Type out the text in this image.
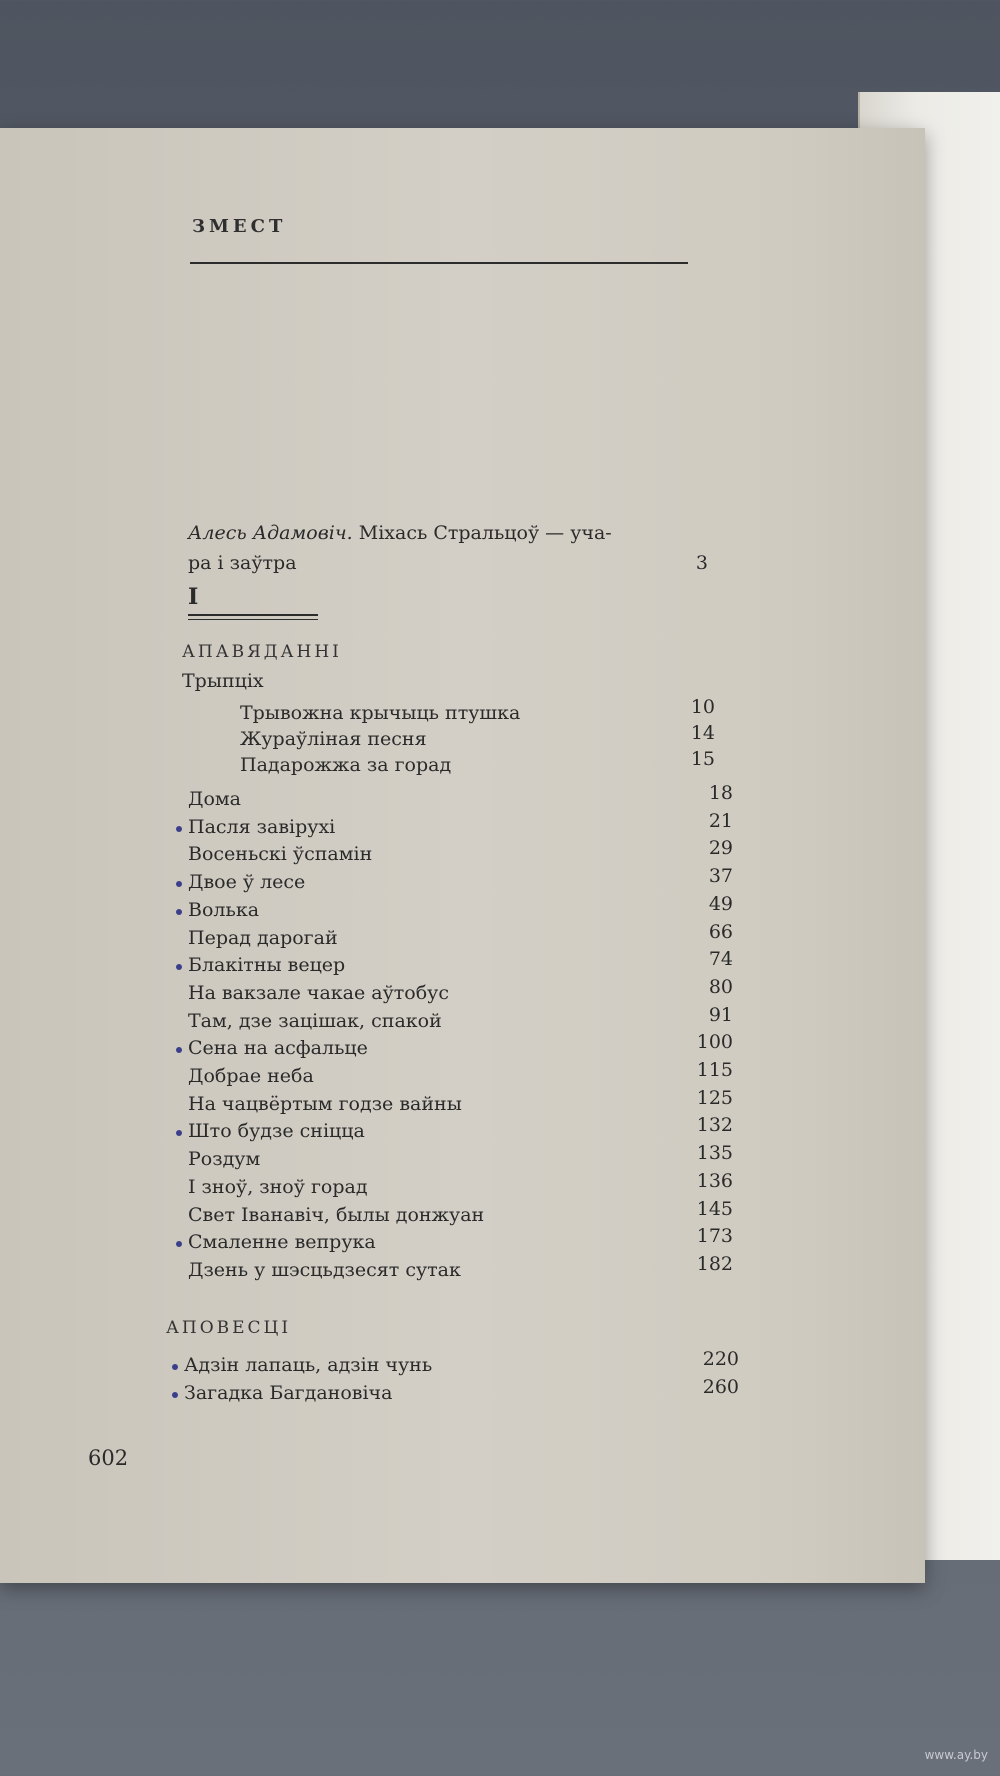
ЗМЕСТ
Алесь Адамовіч. Міхась Стральцоў — уча-
ра і заўтра	3
I
АПАВЯДАННІ
Трыпціх
Трывожна крычыць птушка	10
Жураўліная песня	14
Падарожжа за горад	15
Дома	18
Пасля завірухі	21
Восеньскі ўспамін	29
Двое ў лесе	37
Волька	49
Перад дарогай	66
Блакітны вецер	74
На вакзале чакае аўтобус	80
Там, дзе зацішак, спакой	91
Сена на асфальце	100
Добрае неба	115
На чацвёртым годзе вайны	125
Што будзе сніцца	132
Роздум	135
І зноў, зноў горад	136
Свет Іванавіч, былы донжуан	145
Смаленне вепрука	173
Дзень у шэсцьдзесят сутак	182
АПОВЕСЦІ
Адзін лапаць, адзін чунь	220
Загадка Багдановіча	260
602
www.ay.by
